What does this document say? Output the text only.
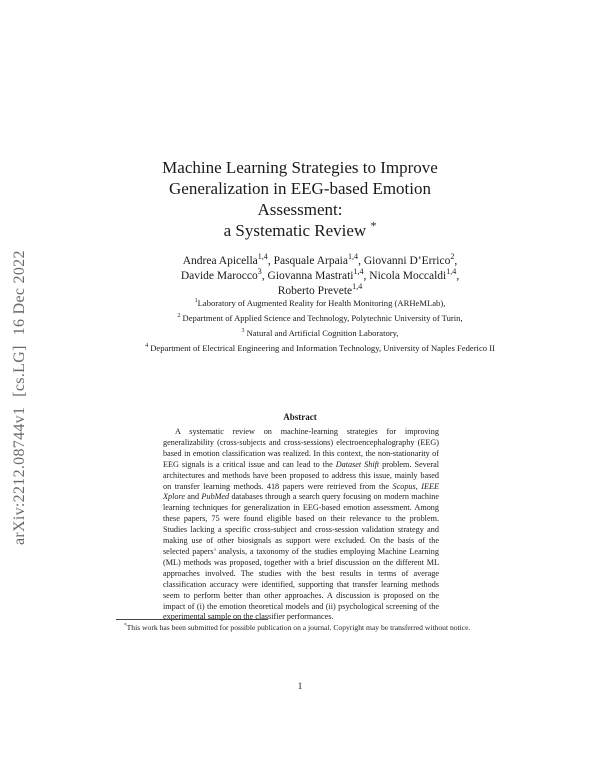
arXiv:2212.08744v1[cs.LG]16 Dec 2022
Machine Learning Strategies to Improve
Generalization in EEG-based Emotion
Assessment:
a Systematic Review *
Andrea Apicella$^{1,4}$, Pasquale Arpaia$^{1,4}$, Giovanni D’Errico$^2$,
Davide Marocco$^3$, Giovanna Mastrati$^{1,4}$, Nicola Moccaldi$^{1,4}$,
Roberto Prevete$^{1,4}$
$^1$Laboratory of Augmented Reality for Health Monitoring (ARHeMLab),
$^2$ Department of Applied Science and Technology, Polytechnic University of Turin,
$^3$ Natural and Artificial Cognition Laboratory,
$^4$ Department of Electrical Engineering and Information Technology, University of Naples Federico II
Abstract

A systematic review on machine-learning strategies for improving generalizability (cross-subjects and cross-sessions) electroencephalography (EEG) based in emotion classification was realized. In this context, the non-stationarity of EEG signals is a critical issue and can lead to the Dataset Shift problem. Several architectures and methods have been proposed to address this issue, mainly based on transfer learning methods. 418 papers were retrieved from the Scopus, IEEE Xplore and PubMed databases through a search query focusing on modern machine learning techniques for generalization in EEG-based emotion assessment. Among these papers, 75 were found eligible based on their relevance to the problem. Studies lacking a specific cross-subject and cross-session validation strategy and making use of other biosignals as support were excluded. On the basis of the selected papers’ analysis, a taxonomy of the studies employing Machine Learning (ML) methods was proposed, together with a brief discussion on the different ML approaches involved. The studies with the best results in terms of average classification accuracy were identified, supporting that transfer learning methods seem to perform better than other approaches. A discussion is proposed on the impact of (i) the emotion theoretical models and (ii) psychological screening of the experimental sample on the classifier performances.

*This work has been submitted for possible publication on a journal. Copyright may be transferred without notice.

1
